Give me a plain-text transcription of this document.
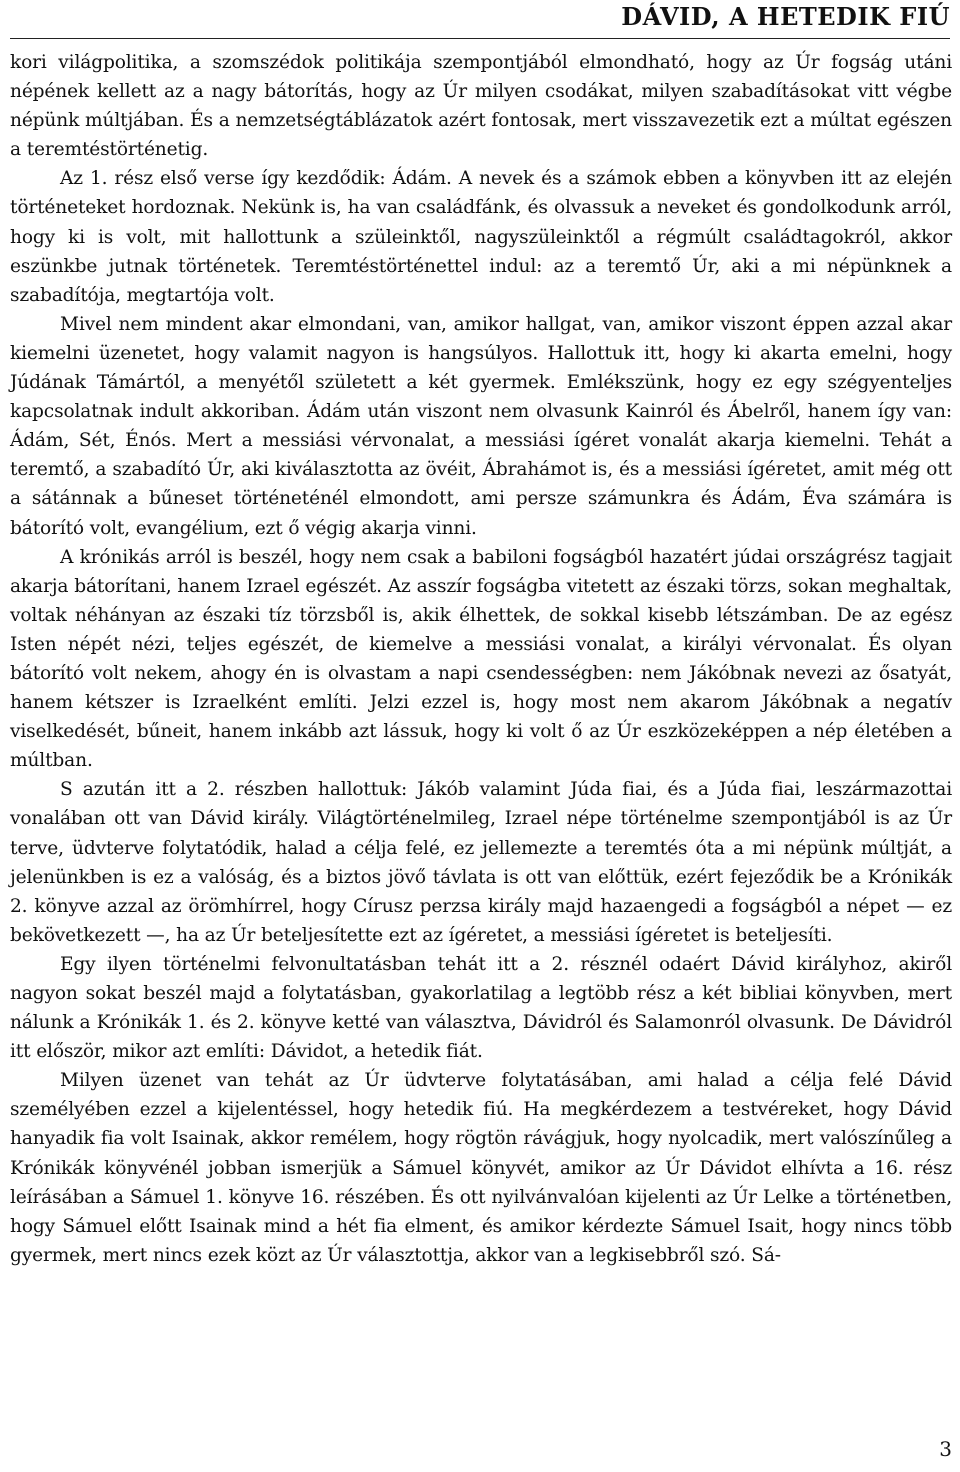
DÁVID, A HETEDIK FIÚ

kori világpolitika, a szomszédok politikája szempontjából elmondható, hogy az Úr fogság utáni népének kellett az a nagy bátorítás, hogy az Úr milyen csodákat, milyen szabadításokat vitt végbe népünk múltjában. És a nemzetségtáblázatok azért fontosak, mert visszavezetik ezt a múltat egészen a teremtéstörténetig.

Az 1. rész első verse így kezdődik: Ádám. A nevek és a számok ebben a könyvben itt az elején történeteket hordoznak. Nekünk is, ha van családfánk, és olvassuk a neveket és gondolkodunk arról, hogy ki is volt, mit hallottunk a szüleinktől, nagyszüleinktől a régmúlt családtagokról, akkor eszünkbe jutnak történetek. Teremtéstörténettel indul: az a teremtő Úr, aki a mi népünknek a szabadítója, megtartója volt.

Mivel nem mindent akar elmondani, van, amikor hallgat, van, amikor viszont éppen azzal akar kiemelni üzenetet, hogy valamit nagyon is hangsúlyos. Hallottuk itt, hogy ki akarta emelni, hogy Júdának Támártól, a menyétől született a két gyermek. Emlékszünk, hogy ez egy szégyenteljes kapcsolatnak indult akkoriban. Ádám után viszont nem olvasunk Kainról és Ábelről, hanem így van: Ádám, Sét, Énós. Mert a messiási vérvonalat, a messiási ígéret vonalát akarja kiemelni. Tehát a teremtő, a szabadító Úr, aki kiválasztotta az övéit, Ábrahámot is, és a messiási ígéretet, amit még ott a sátánnak a bűneset történeténél elmondott, ami persze számunkra és Ádám, Éva számára is bátorító volt, evangélium, ezt ő végig akarja vinni.

A krónikás arról is beszél, hogy nem csak a babiloni fogságból hazatért júdai országrész tagjait akarja bátorítani, hanem Izrael egészét. Az asszír fogságba vitetett az északi törzs, sokan meghaltak, voltak néhányan az északi tíz törzsből is, akik élhettek, de sokkal kisebb létszámban. De az egész Isten népét nézi, teljes egészét, de kiemelve a messiási vonalat, a királyi vérvonalat. És olyan bátorító volt nekem, ahogy én is olvastam a napi csendességben: nem Jákóbnak nevezi az ősatyát, hanem kétszer is Izraelként említi. Jelzi ezzel is, hogy most nem akarom Jákóbnak a negatív viselkedését, bűneit, hanem inkább azt lássuk, hogy ki volt ő az Úr eszközeképpen a nép életében a múltban.

S azután itt a 2. részben hallottuk: Jákób valamint Júda fiai, és a Júda fiai, leszármazottai vonalában ott van Dávid király. Világtörténelmileg, Izrael népe történelme szempontjából is az Úr terve, üdvterve folytatódik, halad a célja felé, ez jellemezte a teremtés óta a mi népünk múltját, a jelenünkben is ez a valóság, és a biztos jövő távlata is ott van előttük, ezért fejeződik be a Krónikák 2. könyve azzal az örömhírrel, hogy Círusz perzsa király majd hazaengedi a fogságból a népet — ez bekövetkezett —, ha az Úr beteljesítette ezt az ígéretet, a messiási ígéretet is beteljesíti.

Egy ilyen történelmi felvonultatásban tehát itt a 2. résznél odaért Dávid királyhoz, akiről nagyon sokat beszél majd a folytatásban, gyakorlatilag a legtöbb rész a két bibliai könyvben, mert nálunk a Krónikák 1. és 2. könyve ketté van választva, Dávidról és Salamonról olvasunk. De Dávidról itt először, mikor azt említi: Dávidot, a hetedik fiát.

Milyen üzenet van tehát az Úr üdvterve folytatásában, ami halad a célja felé Dávid személyében ezzel a kijelentéssel, hogy hetedik fiú. Ha megkérdezem a testvéreket, hogy Dávid hanyadik fia volt Isainak, akkor remélem, hogy rögtön rávágjuk, hogy nyolcadik, mert valószínűleg a Krónikák könyvénél jobban ismerjük a Sámuel könyvét, amikor az Úr Dávidot elhívta a 16. rész leírásában a Sámuel 1. könyve 16. részében. És ott nyilvánvalóan kijelenti az Úr Lelke a történetben, hogy Sámuel előtt Isainak mind a hét fia elment, és amikor kérdezte Sámuel Isait, hogy nincs több gyermek, mert nincs ezek közt az Úr választottja, akkor van a legkisebbről szó. Sá-

3
